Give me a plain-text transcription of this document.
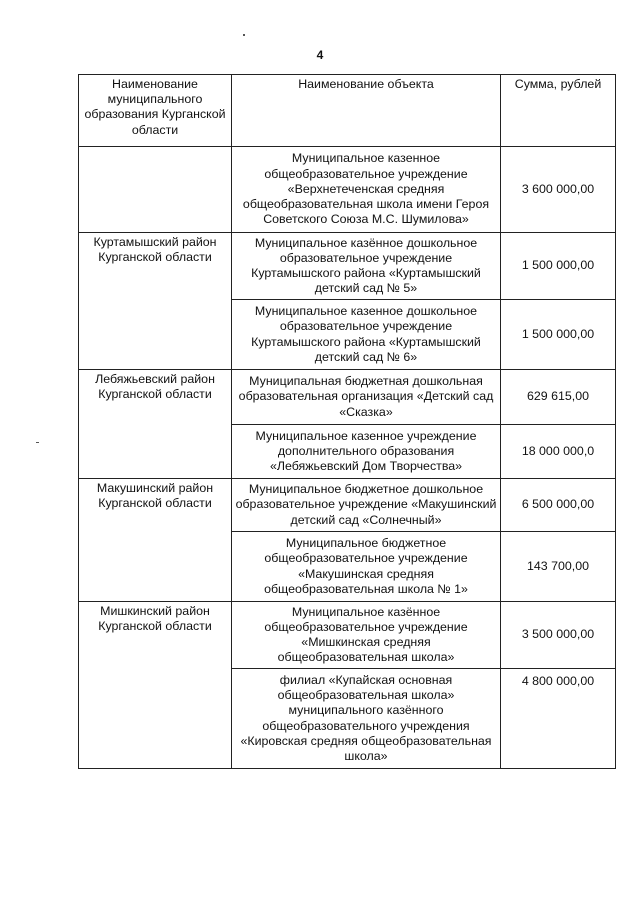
4
Наименование муниципального образования Курганской области	Наименование объекта	Сумма, рублей
	Муниципальное казенное общеобразовательное учреждение «Верхнетеченская средняя общеобразовательная школа имени Героя Советского Союза М.С. Шумилова»	3 600 000,00
Куртамышский район Курганской области	Муниципальное казённое дошкольное образовательное учреждение Куртамышского района «Куртамышский детский сад № 5»	1 500 000,00
	Муниципальное казенное дошкольное образовательное учреждение Куртамышского района «Куртамышский детский сад № 6»	1 500 000,00
Лебяжьевский район Курганской области	Муниципальная бюджетная дошкольная образовательная организация «Детский сад «Сказка»	629 615,00
	Муниципальное казенное учреждение дополнительного образования «Лебяжьевский Дом Творчества»	18 000 000,0
Макушинский район Курганской области	Муниципальное бюджетное дошкольное образовательное учреждение «Макушинский детский сад «Солнечный»	6 500 000,00
	Муниципальное бюджетное общеобразовательное учреждение «Макушинская средняя общеобразовательная школа № 1»	143 700,00
Мишкинский район Курганской области	Муниципальное казённое общеобразовательное учреждение «Мишкинская средняя общеобразовательная школа»	3 500 000,00
	филиал «Купайская основная общеобразовательная школа» муниципального казённого общеобразовательного учреждения «Кировская средняя общеобразовательная школа»	4 800 000,00
